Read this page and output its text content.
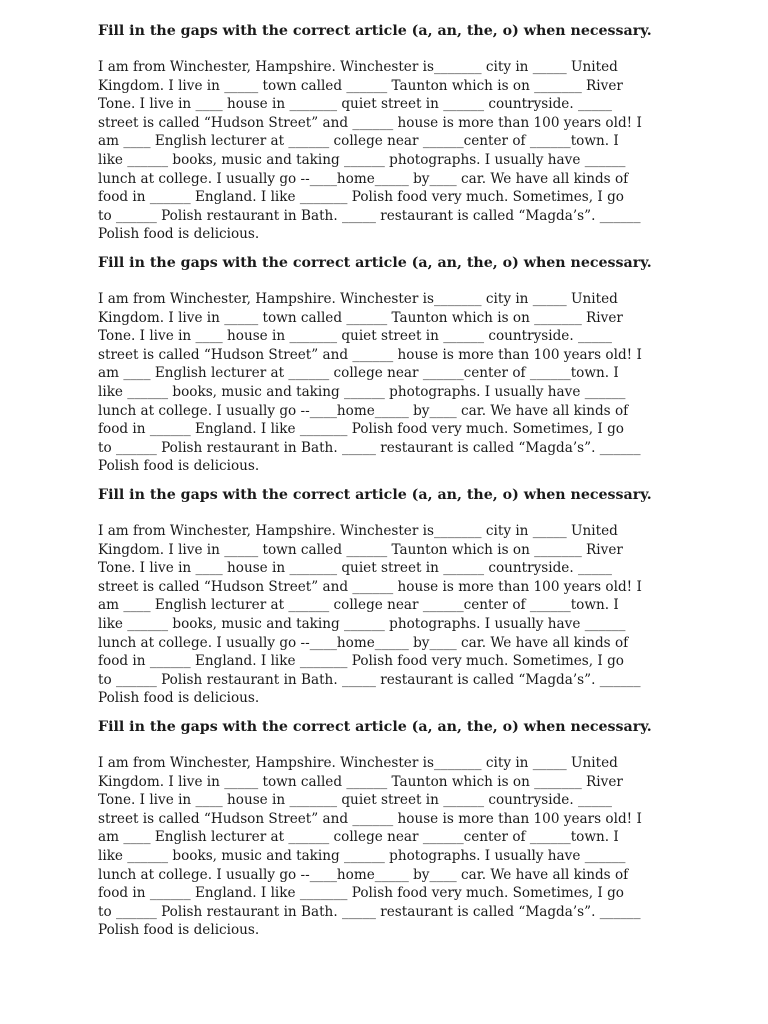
Fill in the gaps with the correct article (a, an, the, o) when necessary.

I am from Winchester, Hampshire. Winchester is_______ city in _____ United
Kingdom. I live in _____ town called ______ Taunton which is on _______ River
Tone. I live in ____ house in _______ quiet street in ______ countryside. _____
street is called “Hudson Street” and ______ house is more than 100 years old! I
am ____ English lecturer at ______ college near ______center of ______town. I
like ______ books, music and taking ______ photographs. I usually have ______
lunch at college. I usually go --____home_____ by____ car. We have all kinds of
food in ______ England. I like _______ Polish food very much. Sometimes, I go
to ______ Polish restaurant in Bath. _____ restaurant is called “Magda’s”. ______
Polish food is delicious.

Fill in the gaps with the correct article (a, an, the, o) when necessary.

I am from Winchester, Hampshire. Winchester is_______ city in _____ United
Kingdom. I live in _____ town called ______ Taunton which is on _______ River
Tone. I live in ____ house in _______ quiet street in ______ countryside. _____
street is called “Hudson Street” and ______ house is more than 100 years old! I
am ____ English lecturer at ______ college near ______center of ______town. I
like ______ books, music and taking ______ photographs. I usually have ______
lunch at college. I usually go --____home_____ by____ car. We have all kinds of
food in ______ England. I like _______ Polish food very much. Sometimes, I go
to ______ Polish restaurant in Bath. _____ restaurant is called “Magda’s”. ______
Polish food is delicious.

Fill in the gaps with the correct article (a, an, the, o) when necessary.

I am from Winchester, Hampshire. Winchester is_______ city in _____ United
Kingdom. I live in _____ town called ______ Taunton which is on _______ River
Tone. I live in ____ house in _______ quiet street in ______ countryside. _____
street is called “Hudson Street” and ______ house is more than 100 years old! I
am ____ English lecturer at ______ college near ______center of ______town. I
like ______ books, music and taking ______ photographs. I usually have ______
lunch at college. I usually go --____home_____ by____ car. We have all kinds of
food in ______ England. I like _______ Polish food very much. Sometimes, I go
to ______ Polish restaurant in Bath. _____ restaurant is called “Magda’s”. ______
Polish food is delicious.

Fill in the gaps with the correct article (a, an, the, o) when necessary.

I am from Winchester, Hampshire. Winchester is_______ city in _____ United
Kingdom. I live in _____ town called ______ Taunton which is on _______ River
Tone. I live in ____ house in _______ quiet street in ______ countryside. _____
street is called “Hudson Street” and ______ house is more than 100 years old! I
am ____ English lecturer at ______ college near ______center of ______town. I
like ______ books, music and taking ______ photographs. I usually have ______
lunch at college. I usually go --____home_____ by____ car. We have all kinds of
food in ______ England. I like _______ Polish food very much. Sometimes, I go
to ______ Polish restaurant in Bath. _____ restaurant is called “Magda’s”. ______
Polish food is delicious.
